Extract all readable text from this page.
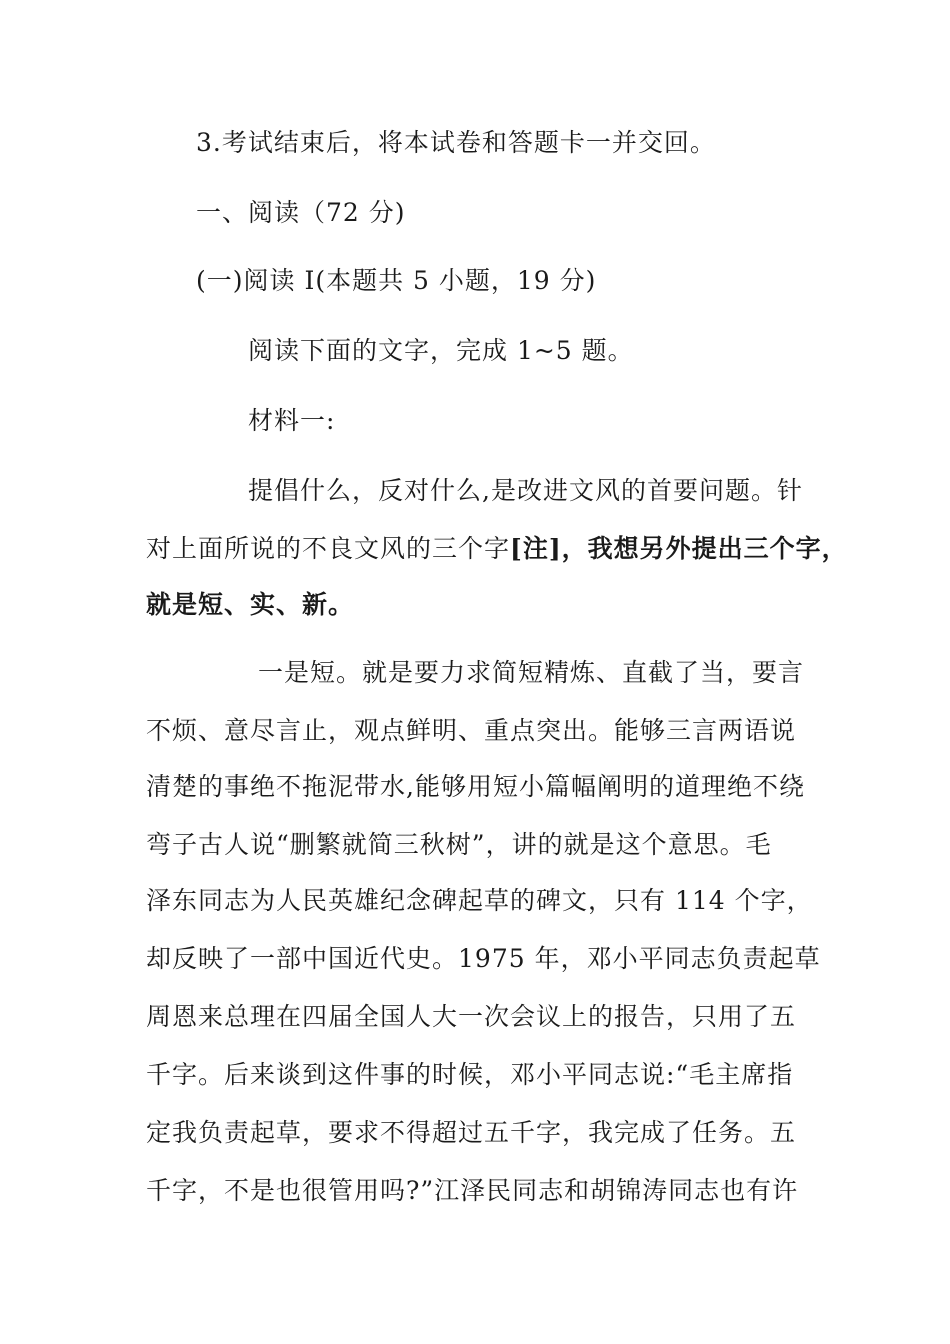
3.考试结束后，将本试卷和答题卡一并交回。
一、阅读（72 分)
(一)阅读 I(本题共 5 小题，19 分)
阅读下面的文字，完成 1~5 题。
材料一:
提倡什么，反对什么,是改进文风的首要问题。针
对上面所说的不良文风的三个字[注]，我想另外提出三个字，
就是短、实、新。
一是短。就是要力求简短精炼、直截了当，要言
不烦、意尽言止，观点鲜明、重点突出。能够三言两语说
清楚的事绝不拖泥带水,能够用短小篇幅阐明的道理绝不绕
弯子古人说“删繁就简三秋树”，讲的就是这个意思。毛
泽东同志为人民英雄纪念碑起草的碑文，只有 114 个字，
却反映了一部中国近代史。1975 年，邓小平同志负责起草
周恩来总理在四届全国人大一次会议上的报告，只用了五
千字。后来谈到这件事的时候，邓小平同志说:“毛主席指
定我负责起草，要求不得超过五千字，我完成了任务。五
千字，不是也很管用吗?”江泽民同志和胡锦涛同志也有许
